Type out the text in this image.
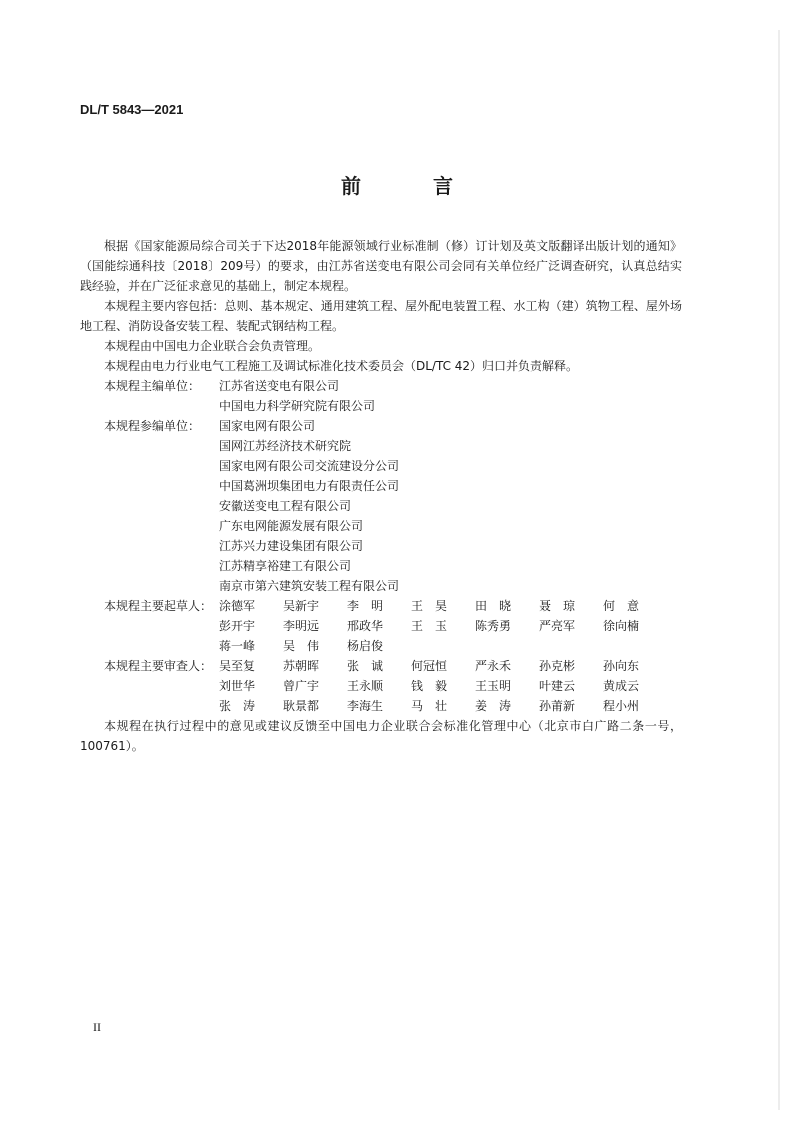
DL/T 5843—2021
前　言

根据《国家能源局综合司关于下达2018年能源领域行业标准制（修）订计划及英文版翻译出版计划的通知》（国能综通科技〔2018〕209号）的要求，由江苏省送变电有限公司会同有关单位经广泛调查研究，认真总结实践经验，并在广泛征求意见的基础上，制定本规程。

本规程主要内容包括：总则、基本规定、通用建筑工程、屋外配电装置工程、水工构（建）筑物工程、屋外场地工程、消防设备安装工程、装配式钢结构工程。

本规程由中国电力企业联合会负责管理。

本规程由电力行业电气工程施工及调试标准化技术委员会（DL/TC 42）归口并负责解释。

本规程主编单位：	江苏省送变电有限公司
中国电力科学研究院有限公司
本规程参编单位：	国家电网有限公司
国网江苏经济技术研究院
国家电网有限公司交流建设分公司
中国葛洲坝集团电力有限责任公司
安徽送变电工程有限公司
广东电网能源发展有限公司
江苏兴力建设集团有限公司
江苏精享裕建工有限公司
南京市第六建筑安装工程有限公司
本规程主要起草人： 涂德军	吴新宇	李　明	王　昊	田　晓	聂　琼	何　意
彭开宇	李明远	邢政华	王　玉	陈秀勇	严亮军	徐向楠
蒋一峰	吴　伟	杨启俊
本规程主要审查人： 吴至复	苏朝晖	张　诚	何冠恒	严永禾	孙克彬	孙向东
刘世华	曾广宇	王永顺	钱　毅	王玉明	叶建云	黄成云
张　涛	耿景都	李海生	马　壮	姜　涛	孙莆新	程小州

本规程在执行过程中的意见或建议反馈至中国电力企业联合会标准化管理中心（北京市白广路二条一号，100761）。

II
